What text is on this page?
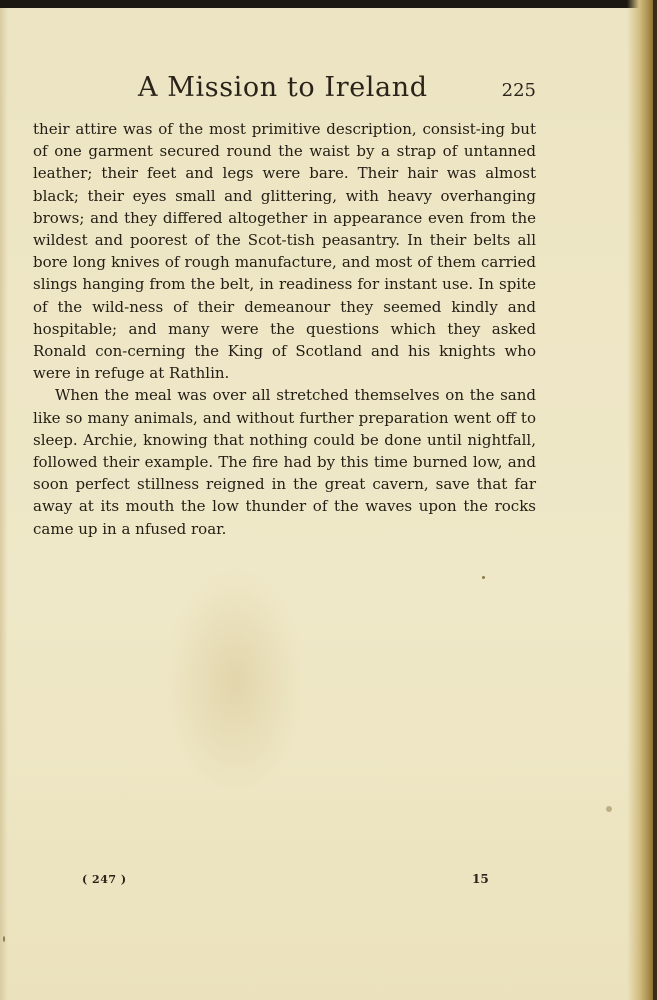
A Mission to Ireland	225

their attire was of the most primitive description, consist-ing but of one garment secured round the waist by a strap of untanned leather; their feet and legs were bare. Their hair was almost black; their eyes small and glittering, with heavy overhanging brows; and they differed altogether in appearance even from the wildest and poorest of the Scot-tish peasantry. In their belts all bore long knives of rough manufacture, and most of them carried slings hanging from the belt, in readiness for instant use. In spite of the wild-ness of their demeanour they seemed kindly and hospitable; and many were the questions which they asked Ronald con-cerning the King of Scotland and his knights who were in refuge at Rathlin.

When the meal was over all stretched themselves on the sand like so many animals, and without further preparation went off to sleep. Archie, knowing that nothing could be done until nightfall, followed their example. The fire had by this time burned low, and soon perfect stillness reigned in the great cavern, save that far away at its mouth the low thunder of the waves upon the rocks came up in a nfused roar.

( 247 )	15
